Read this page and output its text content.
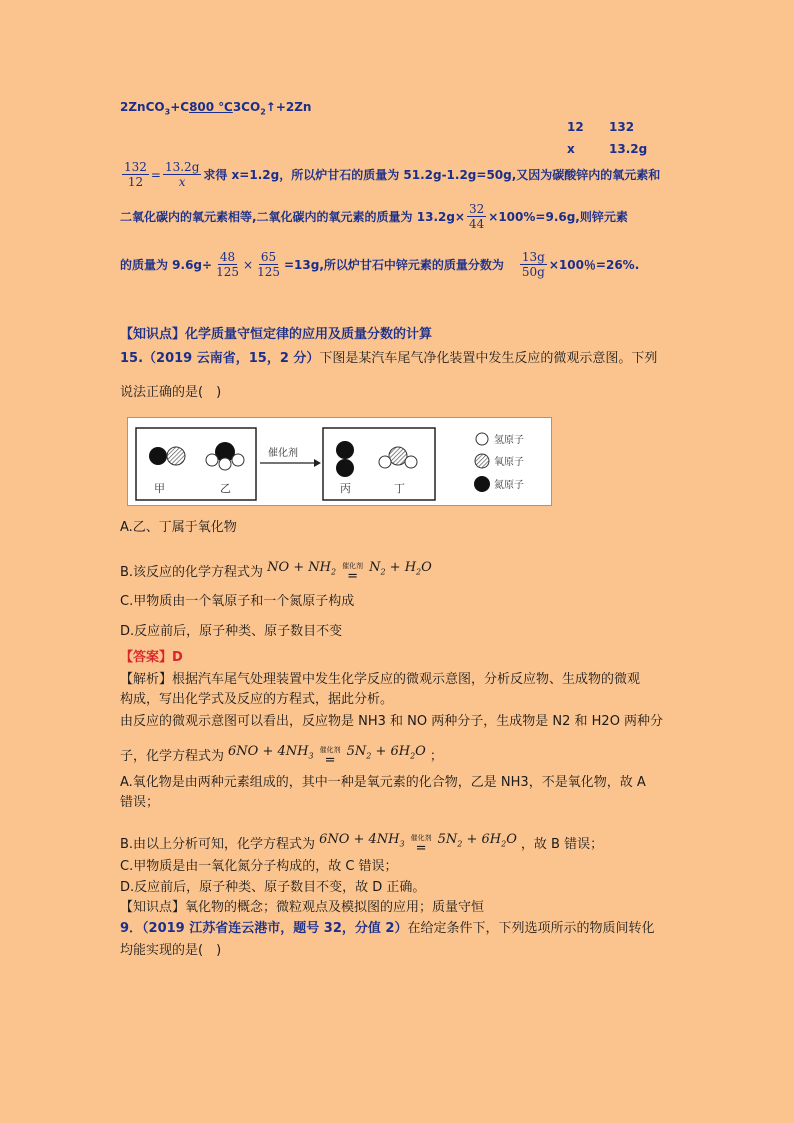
2ZnCO$_3$+C800 $℃3CO_2↑+2Zn$
12 132
x	13.2g
$\frac{132}{12} = \frac{13.2g}{x}$ 求得 x=1.2g，所以炉甘石的质量为 51.2g-1.2g=50g,又因为碳酸锌内的氧元素和
二氧化碳内的氧元素相等,二氧化碳内的氧元素的质量为 $13.2g\times \frac{32}{44} \times 100\%=9.6g$,则锌元素
的质量为 $9.6g\div \frac{48}{125} \times \frac{65}{125} =13g$,所以炉甘石中锌元素的质量分数为 $\frac{13g}{50g} \times 100$％=26%.
【知识点】化学质量守恒定律的应用及质量分数的计算
15.（2019 云南省，15，2 分）下图是某汽车尾气净化装置中发生反应的微观示意图。下列
说法正确的是(　)
甲	乙
催化剂
丙	丁
氢原子
氧原子
氮原子
A.乙、丁属于氧化物
B.该反应的化学方程式为 NO + $NH_2$
催化剂
=
$N_2 + H_2O$
C.甲物质由一个氧原子和一个氮原子构成
D.反应前后，原子种类、原子数目不变
【答案】D
【解析】根据汽车尾气处理装置中发生化学反应的微观示意图，分析反应物、生成物的微观
构成，写出化学式及反应的方程式，据此分析。
由反应的微观示意图可以看出，反应物是 NH3 和 NO 两种分子，生成物是 N2 和 H2O 两种分
子，化学方程式为 $6NO + 4NH_3$
催化剂
=
$5N_2 + 6H_2O$ ；
A.氧化物是由两种元素组成的，其中一种是氧元素的化合物，乙是 NH3，不是氧化物，故 A
错误；
B.由以上分析可知，化学方程式为 $6NO + 4NH_3$
催化剂
=
$5N_2 + 6H_2O$ ，故 B 错误；
C.甲物质是由一氧化氮分子构成的，故 C 错误；
D.反应前后，原子种类、原子数目不变，故 D 正确。
【知识点】氧化物的概念；微粒观点及模拟图的应用；质量守恒
9．（2019 江苏省连云港市，题号 32，分值 2）在给定条件下，下列选项所示的物质间转化
均能实现的是(　)
